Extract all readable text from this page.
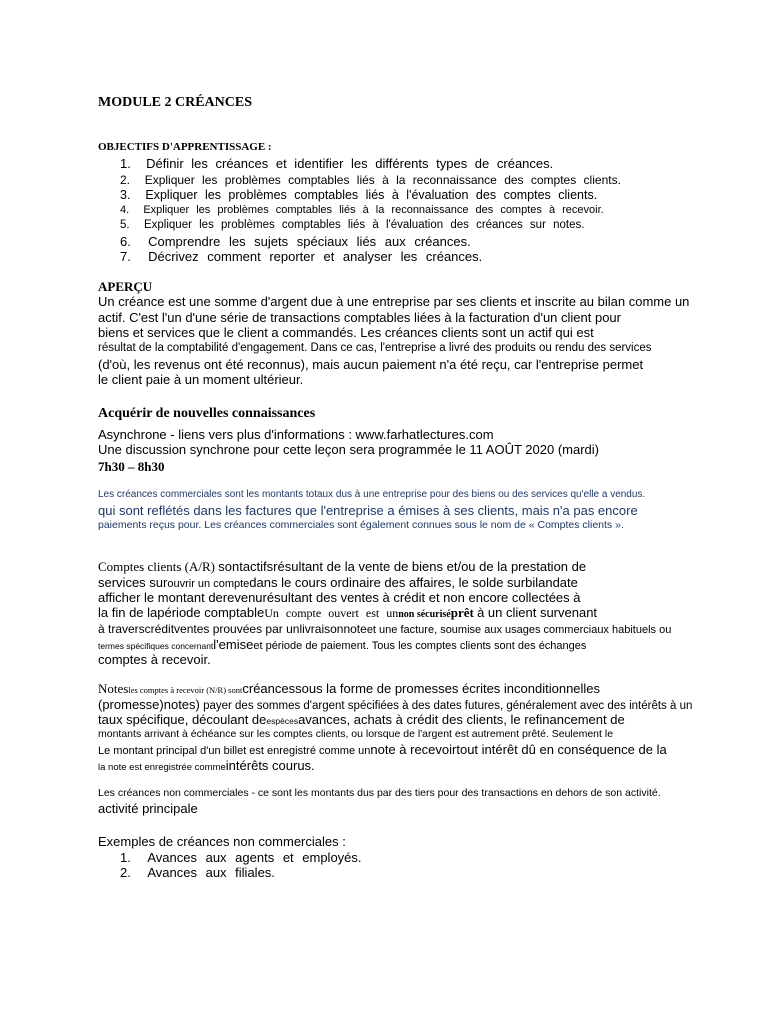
MODULE 2 CRÉANCES
OBJECTIFS D'APPRENTISSAGE :
1. Définir les créances et identifier les différents types de créances.
2. Expliquer les problèmes comptables liés à la reconnaissance des comptes clients.
3. Expliquer les problèmes comptables liés à l'évaluation des comptes clients.
4. Expliquer les problèmes comptables liés à la reconnaissance des comptes à recevoir.
5. Expliquer les problèmes comptables liés à l'évaluation des créances sur notes.
6. Comprendre les sujets spéciaux liés aux créances.
7. Décrivez comment reporter et analyser les créances.
APERÇU
Un créance est une somme d'argent due à une entreprise par ses clients et inscrite au bilan comme un
actif. C'est l'un d'une série de transactions comptables liées à la facturation d'un client pour
biens et services que le client a commandés. Les créances clients sont un actif qui est
résultat de la comptabilité d'engagement. Dans ce cas, l'entreprise a livré des produits ou rendu des services
(d'où, les revenus ont été reconnus), mais aucun paiement n'a été reçu, car l'entreprise permet
le client paie à un moment ultérieur.
Acquérir de nouvelles connaissances
Asynchrone - liens vers plus d'informations : www.farhatlectures.com
Une discussion synchrone pour cette leçon sera programmée le 11 AOÛT 2020 (mardi)
7h30 – 8h30
Les créances commerciales sont les montants totaux dus à une entreprise pour des biens ou des services qu'elle a vendus.
qui sont reflétés dans les factures que l'entreprise a émises à ses clients, mais n'a pas encore
paiements reçus pour. Les créances commerciales sont également connues sous le nom de « Comptes clients ».
Comptes clients (A/R) sontactifsrésultant de la vente de biens et/ou de la prestation de
services surouvrir un comptedans le cours ordinaire des affaires, le solde surbilandate
afficher le montant derevenurésultant des ventes à crédit et non encore collectées à
la fin de lapériode comptableUn compte ouvert est unnon sécuriséprêt à un client survenant
à traverscréditventes prouvées par unlivraisonnoteet une facture, soumise aux usages commerciaux habituels ou
termes spécifiques concernantl'emiseet période de paiement. Tous les comptes clients sont des échanges
comptes à recevoir.
Notesles comptes à recevoir (N/R) sontcréancessous la forme de promesses écrites inconditionnelles
(promesse)notes) payer des sommes d'argent spécifiées à des dates futures, généralement avec des intérêts à un
taux spécifique, découlant deespècesavances, achats à crédit des clients, le refinancement de
montants arrivant à échéance sur les comptes clients, ou lorsque de l'argent est autrement prêté. Seulement le
Le montant principal d'un billet est enregistré comme unnote à recevoirtout intérêt dû en conséquence de la
la note est enregistrée commeintérêts courus.
Les créances non commerciales - ce sont les montants dus par des tiers pour des transactions en dehors de son activité.
activité principale
Exemples de créances non commerciales :
1. Avances aux agents et employés.
2. Avances aux filiales.
